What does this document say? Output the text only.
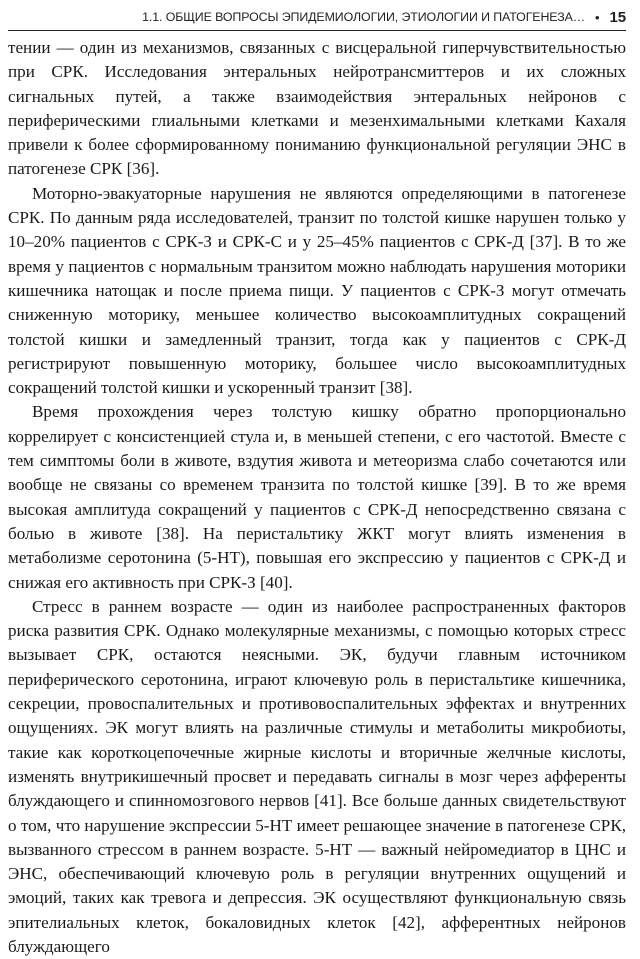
1.1. ОБЩИЕ ВОПРОСЫ ЭПИДЕМИОЛОГИИ, ЭТИОЛОГИИ И ПАТОГЕНЕЗА… • 15

тении — один из механизмов, связанных с висцеральной гиперчувствительностью при СРК. Исследования энтеральных нейротрансмиттеров и их сложных сигнальных путей, а также взаимодействия энтеральных нейронов с периферическими глиальными клетками и мезенхимальными клетками Кахаля привели к более сформированному пониманию функциональной регуляции ЭНС в патогенезе СРК [36].

Моторно-эвакуаторные нарушения не являются определяющими в патогенезе СРК. По данным ряда исследователей, транзит по толстой кишке нарушен только у 10–20% пациентов с СРК-З и СРК-С и у 25–45% пациентов с СРК-Д [37]. В то же время у пациентов с нормальным транзитом можно наблюдать нарушения моторики кишечника натощак и после приема пищи. У пациентов с СРК-З могут отмечать сниженную моторику, меньшее количество высокоамплитудных сокращений толстой кишки и замедленный транзит, тогда как у пациентов с СРК-Д регистрируют повышенную моторику, большее число высокоамплитудных сокращений толстой кишки и ускоренный транзит [38].

Время прохождения через толстую кишку обратно пропорционально коррелирует с консистенцией стула и, в меньшей степени, с его частотой. Вместе с тем симптомы боли в животе, вздутия живота и метеоризма слабо сочетаются или вообще не связаны со временем транзита по толстой кишке [39]. В то же время высокая амплитуда сокращений у пациентов с СРК-Д непосредственно связана с болью в животе [38]. На перистальтику ЖКТ могут влиять изменения в метаболизме серотонина (5-НТ), повышая его экспрессию у пациентов с СРК-Д и снижая его активность при СРК-З [40].

Стресс в раннем возрасте — один из наиболее распространенных факторов риска развития СРК. Однако молекулярные механизмы, с помощью которых стресс вызывает СРК, остаются неясными. ЭК, будучи главным источником периферического серотонина, играют ключевую роль в перистальтике кишечника, секреции, провоспалительных и противовоспалительных эффектах и внутренних ощущениях. ЭК могут влиять на различные стимулы и метаболиты микробиоты, такие как короткоцепочечные жирные кислоты и вторичные желчные кислоты, изменять внутрикишечный просвет и передавать сигналы в мозг через афференты блуждающего и спинномозгового нервов [41]. Все больше данных свидетельствуют о том, что нарушение экспрессии 5-НТ имеет решающее значение в патогенезе СРК, вызванного стрессом в раннем возрасте. 5-НТ — важный нейромедиатор в ЦНС и ЭНС, обеспечивающий ключевую роль в регуляции внутренних ощущений и эмоций, таких как тревога и депрессия. ЭК осуществляют функциональную связь эпителиальных клеток, бокаловидных клеток [42], афферентных нейронов блуждающего
